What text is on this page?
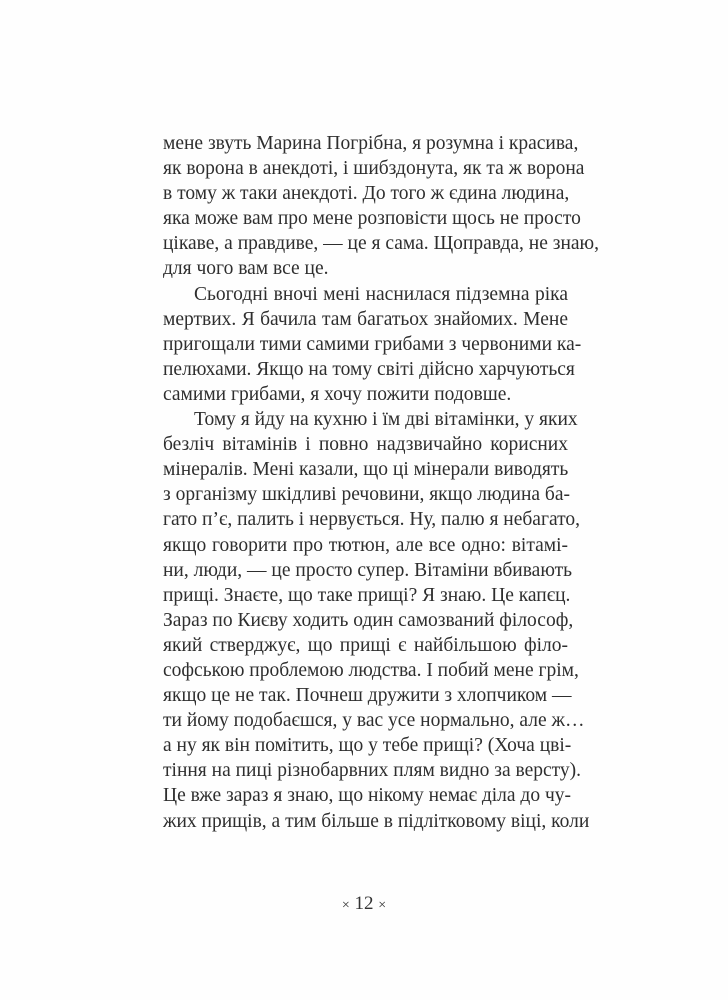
мене звуть Марина Погрібна, я розумна і красива,
як ворона в анекдоті, і шибздонута, як та ж ворона
в тому ж таки анекдоті. До того ж єдина людина,
яка може вам про мене розповісти щось не просто
цікаве, а правдиве, — це я сама. Щоправда, не знаю,
для чого вам все це.
Сьогодні вночі мені наснилася підземна ріка
мертвих. Я бачила там багатьох знайомих. Мене
пригощали тими самими грибами з червоними ка-
пелюхами. Якщо на тому світі дійсно харчуються
самими грибами, я хочу пожити подовше.
Тому я йду на кухню і їм дві вітамінки, у яких
безліч вітамінів і повно надзвичайно корисних
мінералів. Мені казали, що ці мінерали виводять
з організму шкідливі речовини, якщо людина ба-
гато п’є, палить і нервується. Ну, палю я небагато,
якщо говорити про тютюн, але все одно: вітамі-
ни, люди, — це просто супер. Вітаміни вбивають
прищі. Знаєте, що таке прищі? Я знаю. Це капєц.
Зараз по Києву ходить один самозваний філософ,
який стверджує, що прищі є найбільшою філо-
софською проблемою людства. І побий мене грім,
якщо це не так. Почнеш дружити з хлопчиком —
ти йому подобаєшся, у вас усе нормально, але ж…
а ну як він помітить, що у тебе прищі? (Хоча цві-
тіння на пиці різнобарвних плям видно за версту).
Це вже зараз я знаю, що нікому немає діла до чу-
жих прищів, а тим більше в підлітковому віці, коли
× 12 ×
